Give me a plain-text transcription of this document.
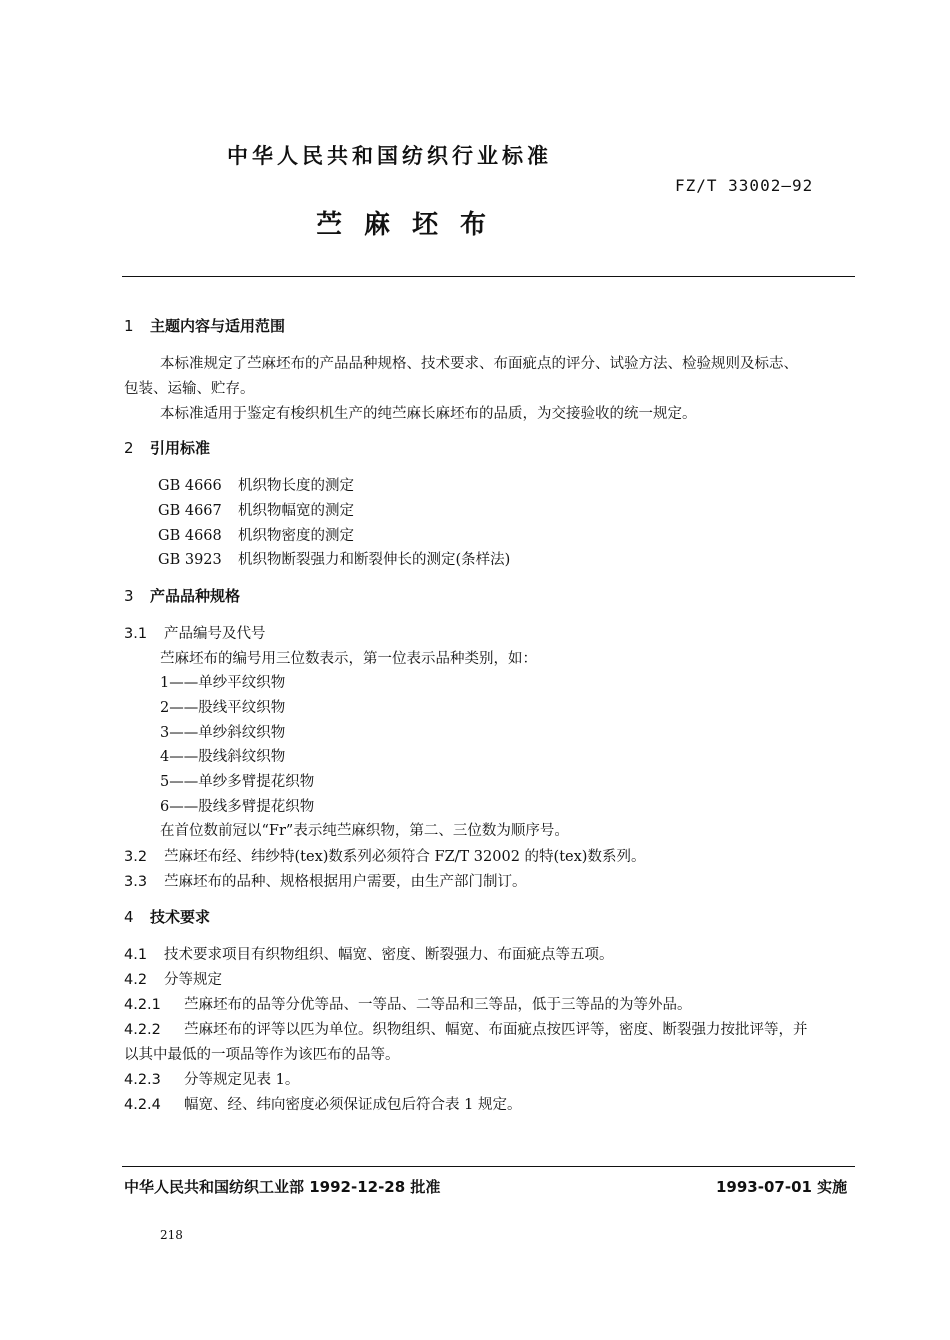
中华人民共和国纺织行业标准
FZ/T 33002—92
苎麻坯布
1 主题内容与适用范围
本标准规定了苎麻坯布的产品品种规格、技术要求、布面疵点的评分、试验方法、检验规则及标志、
包装、运输、贮存。
本标准适用于鉴定有梭织机生产的纯苎麻长麻坯布的品质，为交接验收的统一规定。
2 引用标准
GB 4666 机织物长度的测定
GB 4667 机织物幅宽的测定
GB 4668 机织物密度的测定
GB 3923 机织物断裂强力和断裂伸长的测定(条样法)
3 产品品种规格
3.1 产品编号及代号
苎麻坯布的编号用三位数表示，第一位表示品种类别，如：
1——单纱平纹织物
2——股线平纹织物
3——单纱斜纹织物
4——股线斜纹织物
5——单纱多臂提花织物
6——股线多臂提花织物
在首位数前冠以“Fr”表示纯苎麻织物，第二、三位数为顺序号。
3.2 苎麻坯布经、纬纱特(tex)数系列必须符合 FZ/T 32002 的特(tex)数系列。
3.3 苎麻坯布的品种、规格根据用户需要，由生产部门制订。
4 技术要求
4.1 技术要求项目有织物组织、幅宽、密度、断裂强力、布面疵点等五项。
4.2 分等规定
4.2.1 苎麻坯布的品等分优等品、一等品、二等品和三等品，低于三等品的为等外品。
4.2.2 苎麻坯布的评等以匹为单位。织物组织、幅宽、布面疵点按匹评等，密度、断裂强力按批评等，并
以其中最低的一项品等作为该匹布的品等。
4.2.3 分等规定见表 1。
4.2.4 幅宽、经、纬向密度必须保证成包后符合表 1 规定。
中华人民共和国纺织工业部 1992-12-28 批准	1993-07-01 实施
218
